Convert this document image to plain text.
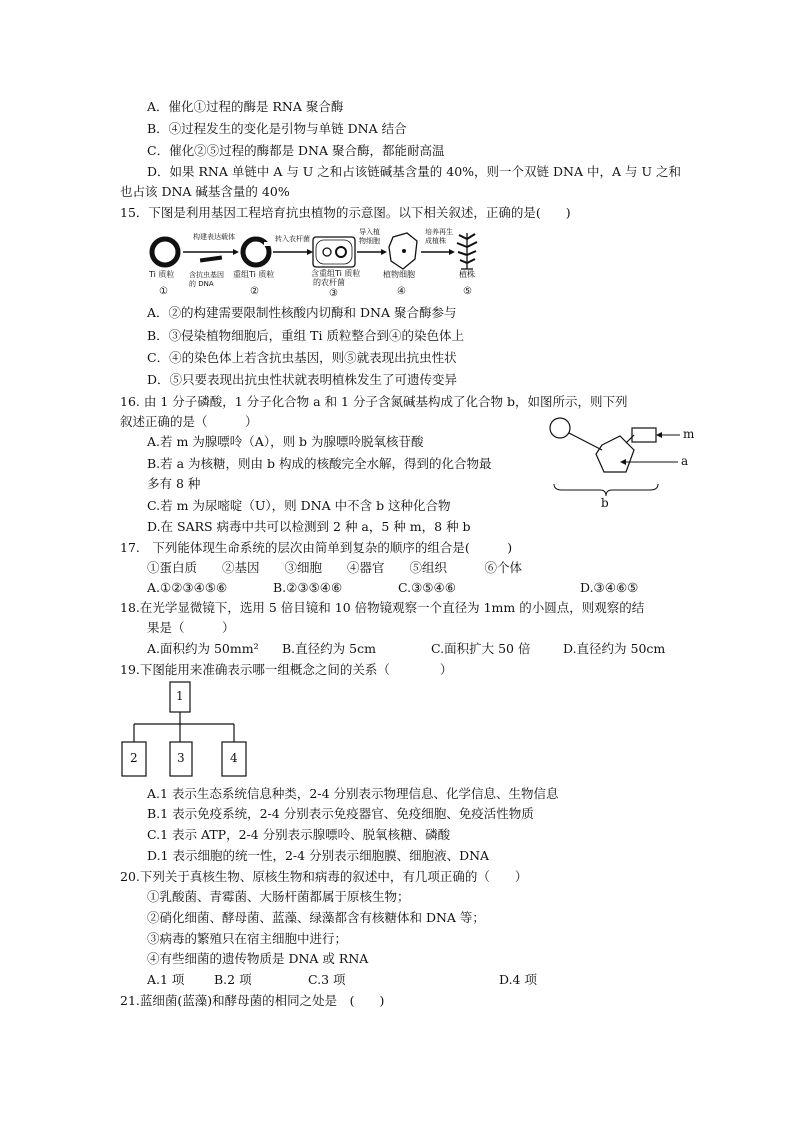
A．催化①过程的酶是 RNA 聚合酶
B．④过程发生的变化是引物与单链 DNA 结合
C．催化②⑤过程的酶都是 DNA 聚合酶，都能耐高温
D．如果 RNA 单链中 A 与 U 之和占该链碱基含量的 40%，则一个双链 DNA 中，A 与 U 之和
也占该 DNA 碱基含量的 40%
15．下图是利用基因工程培育抗虫植物的示意图。以下相关叙述，正确的是(　　)
构建表达载体	转入农杆菌
导入植
物细胞
培养再生
成植株
含抗虫基因
的 DNA
Ti 质粒	重组Ti 质粒	含重组Ti 质粒
的农杆菌
植物细胞	植株
①	②	③	④	⑤
A．②的构建需要限制性核酸内切酶和 DNA 聚合酶参与
B．③侵染植物细胞后，重组 Ti 质粒整合到④的染色体上
C．④的染色体上若含抗虫基因，则⑤就表现出抗虫性状
D．⑤只要表现出抗虫性状就表明植株发生了可遗传变异
16. 由 1 分子磷酸，1 分子化合物 a 和 1 分子含氮碱基构成了化合物 b，如图所示，则下列
叙述正确的是（　　　）
A.若 m 为腺嘌呤（A），则 b 为腺嘌呤脱氧核苷酸
B.若 a 为核糖，则由 b 构成的核酸完全水解，得到的化合物最
多有 8 种
C.若 m 为尿嘧啶（U），则 DNA 中不含 b 这种化合物
D.在 SARS 病毒中共可以检测到 2 种 a，5 种 m，8 种 b
m
a
b
17.　下列能体现生命系统的层次由简单到复杂的顺序的组合是(　　　)
①蛋白质　　②基因　　③细胞　　④器官　　⑤组织　　　⑥个体
A.①②③④⑤⑥	B.②③⑤④⑥	C.③⑤④⑥	D.③④⑥⑤
18.在光学显微镜下，选用 5 倍目镜和 10 倍物镜观察一个直径为 1mm 的小圆点，则观察的结
果是（　　　）
A.面积约为 50mm² B.直径约为 5cm	C.面积扩大 50 倍	D.直径约为 50cm
19.下图能用来准确表示哪一组概念之间的关系（　　　　）
1
2	3	4
A.1 表示生态系统信息种类，2-4 分别表示物理信息、化学信息、生物信息
B.1 表示免疫系统，2-4 分别表示免疫器官、免疫细胞、免疫活性物质
C.1 表示 ATP，2-4 分别表示腺嘌呤、脱氧核糖、磷酸
D.1 表示细胞的统一性，2-4 分别表示细胞膜、细胞液、DNA
20.下列关于真核生物、原核生物和病毒的叙述中，有几项正确的（　　）
①乳酸菌、青霉菌、大肠杆菌都属于原核生物；
②硝化细菌、酵母菌、蓝藻、绿藻都含有核糖体和 DNA 等；
③病毒的繁殖只在宿主细胞中进行；
④有些细菌的遗传物质是 DNA 或 RNA
A.1 项 B.2 项	C.3 项	D.4 项
21.蓝细菌(蓝藻)和酵母菌的相同之处是　(　　)
